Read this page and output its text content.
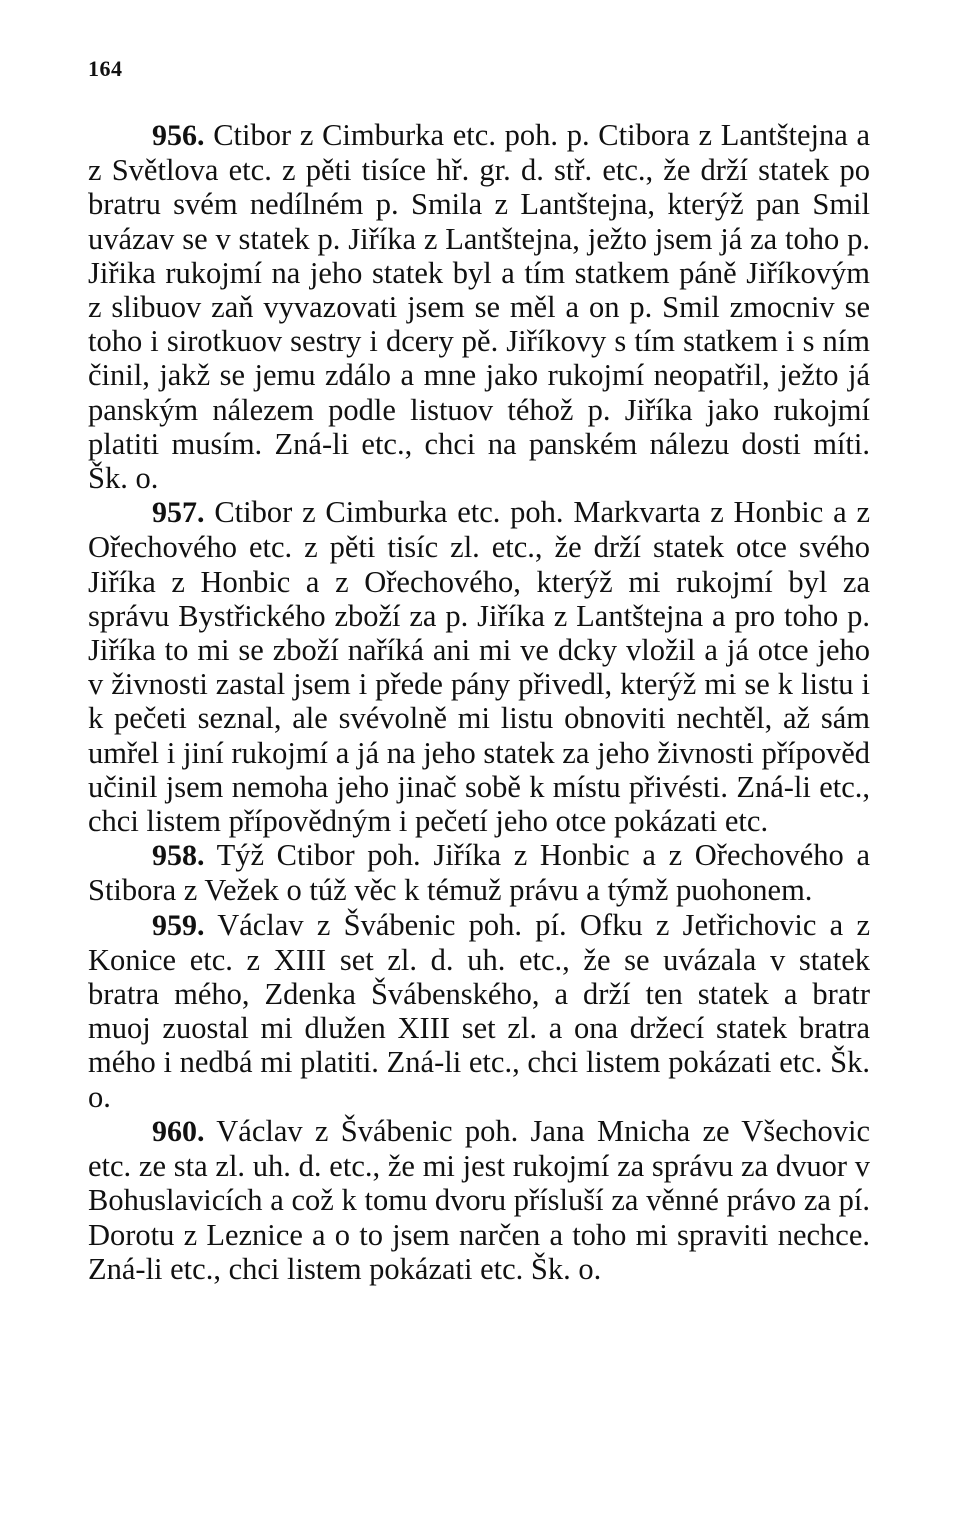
164

956. Ctibor z Cimburka etc. poh. p. Ctibora z Lantštejna a z Světlova etc. z pěti tisíce hř. gr. d. stř. etc., že drží statek po bratru svém nedílném p. Smila z Lantštejna, kterýž pan Smil uvázav se v statek p. Jiříka z Lantštejna, ježto jsem já za toho p. Jiřika rukojmí na jeho statek byl a tím statkem páně Jiříkovým z slibuov zaň vyvazovati jsem se měl a on p. Smil zmocniv se toho i sirotkuov sestry i dcery pě. Jiříkovy s tím statkem i s ním činil, jakž se jemu zdálo a mne jako rukojmí neopatřil, ježto já panským nálezem podle listuov téhož p. Jiříka jako rukojmí platiti musím. Zná-li etc., chci na panském nálezu dosti míti. Šk. o.

957. Ctibor z Cimburka etc. poh. Markvarta z Honbic a z Ořechového etc. z pěti tisíc zl. etc., že drží statek otce svého Jiříka z Honbic a z Ořechového, kterýž mi rukojmí byl za správu Bystřického zboží za p. Jiříka z Lantštejna a pro toho p. Jiříka to mi se zboží naříká ani mi ve dcky vložil a já otce jeho v živnosti zastal jsem i přede pány přivedl, kterýž mi se k listu i k pečeti seznal, ale svévolně mi listu obnoviti nechtěl, až sám umřel i jiní rukojmí a já na jeho statek za jeho živnosti přípověd učinil jsem nemoha jeho jinač sobě k místu přivésti. Zná-li etc., chci listem přípovědným i pečetí jeho otce pokázati etc.

958. Týž Ctibor poh. Jiříka z Honbic a z Ořechového a Stibora z Vežek o túž věc k témuž právu a týmž puohonem.

959. Václav z Švábenic poh. pí. Ofku z Jetřichovic a z Konice etc. z XIII set zl. d. uh. etc., že se uvázala v statek bratra mého, Zdenka Švábenského, a drží ten statek a bratr muoj zuostal mi dlužen XIII set zl. a ona držecí statek bratra mého i nedbá mi platiti. Zná-li etc., chci listem pokázati etc. Šk. o.

960. Václav z Švábenic poh. Jana Mnicha ze Všechovic etc. ze sta zl. uh. d. etc., že mi jest rukojmí za správu za dvuor v Bohuslavicích a což k tomu dvoru přísluší za věnné právo za pí. Dorotu z Leznice a o to jsem narčen a toho mi spraviti nechce. Zná-li etc., chci listem pokázati etc. Šk. o.
